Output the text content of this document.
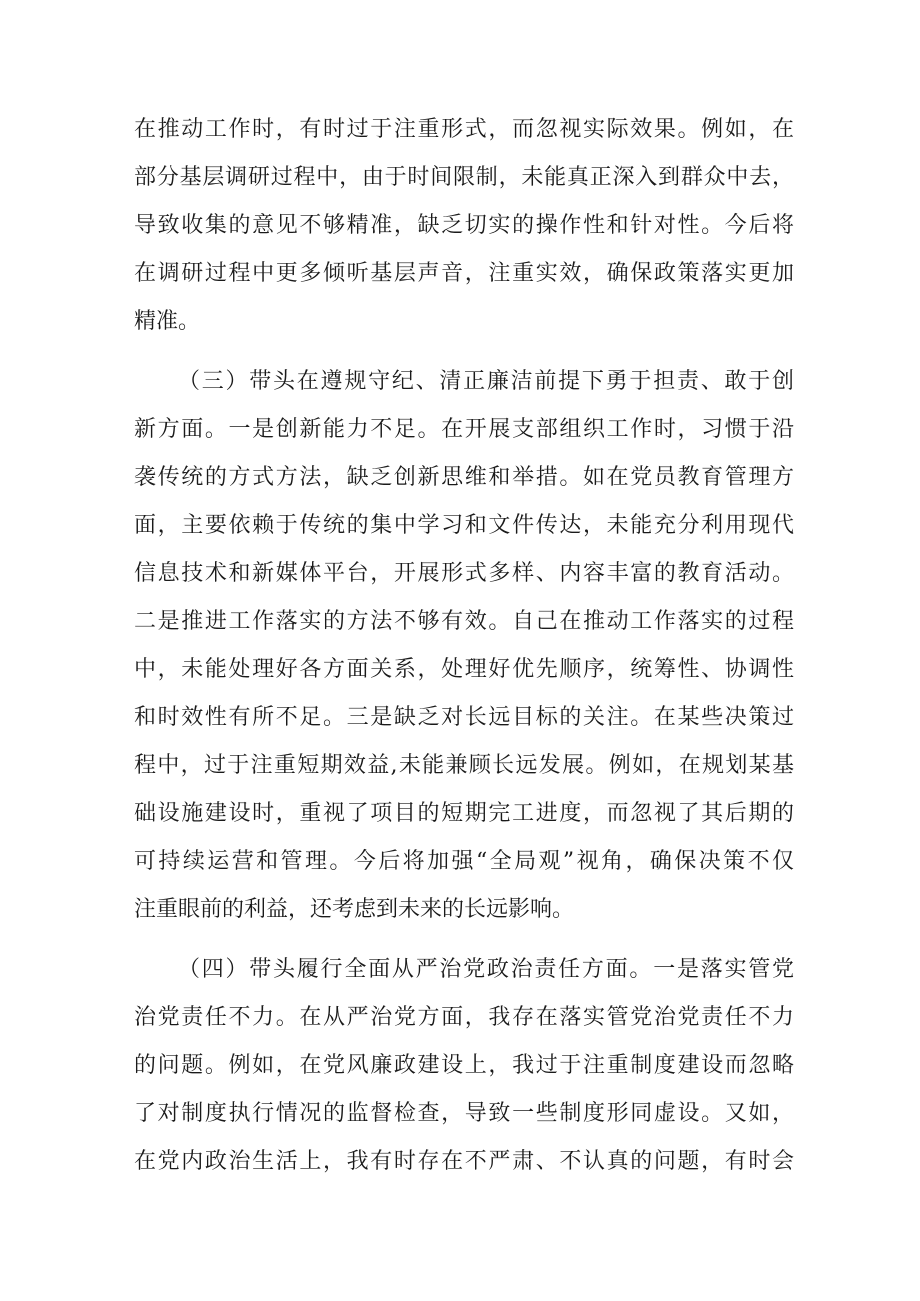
在推动工作时，有时过于注重形式，而忽视实际效果。例如，在

部分基层调研过程中，由于时间限制，未能真正深入到群众中去，

导致收集的意见不够精准，缺乏切实的操作性和针对性。今后将

在调研过程中更多倾听基层声音，注重实效，确保政策落实更加

精准。

（三）带头在遵规守纪、清正廉洁前提下勇于担责、敢于创

新方面。一是创新能力不足。在开展支部组织工作时，习惯于沿

袭传统的方式方法，缺乏创新思维和举措。如在党员教育管理方

面，主要依赖于传统的集中学习和文件传达，未能充分利用现代

信息技术和新媒体平台，开展形式多样、内容丰富的教育活动。

二是推进工作落实的方法不够有效。自己在推动工作落实的过程

中，未能处理好各方面关系，处理好优先顺序，统筹性、协调性

和时效性有所不足。三是缺乏对长远目标的关注。在某些决策过

程中，过于注重短期效益,未能兼顾长远发展。例如，在规划某基

础设施建设时，重视了项目的短期完工进度，而忽视了其后期的

可持续运营和管理。今后将加强“全局观”视角，确保决策不仅

注重眼前的利益，还考虑到未来的长远影响。

（四）带头履行全面从严治党政治责任方面。一是落实管党

治党责任不力。在从严治党方面，我存在落实管党治党责任不力

的问题。例如，在党风廉政建设上，我过于注重制度建设而忽略

了对制度执行情况的监督检查，导致一些制度形同虚设。又如，

在党内政治生活上，我有时存在不严肃、不认真的问题，有时会
